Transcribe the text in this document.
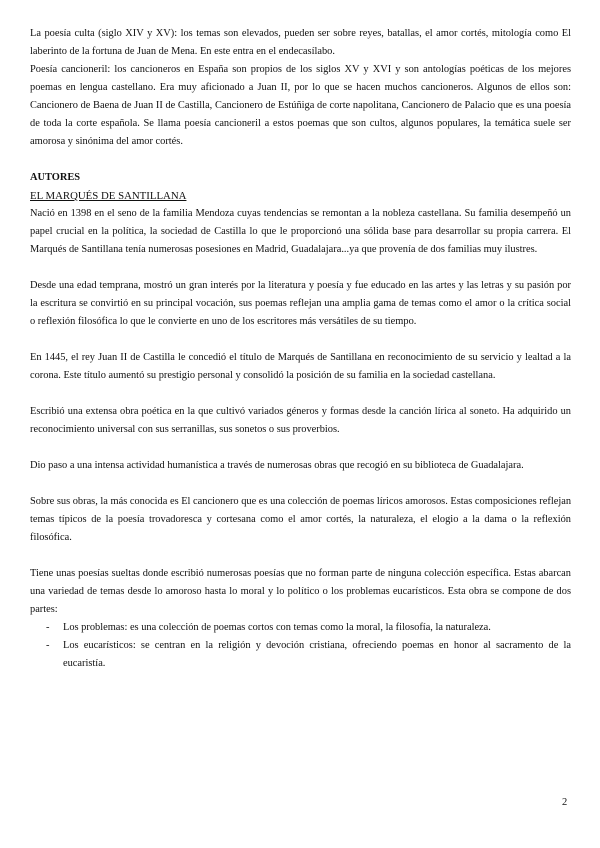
La poesía culta (siglo XIV y XV): los temas son elevados, pueden ser sobre reyes, batallas, el amor cortés, mitología como El laberinto de la fortuna de Juan de Mena. En este entra en el endecasílabo.

Poesía cancioneril: los cancioneros en España son propios de los siglos XV y XVI y son antologías poéticas de los mejores poemas en lengua castellano. Era muy aficionado a Juan II, por lo que se hacen muchos cancioneros. Algunos de ellos son: Cancionero de Baena de Juan II de Castilla, Cancionero de Estúñiga de corte napolitana, Cancionero de Palacio que es una poesía de toda la corte española. Se llama poesía cancioneril a estos poemas que son cultos, algunos populares, la temática suele ser amorosa y sinónima del amor cortés.

AUTORES
EL MARQUÉS DE SANTILLANA

Nació en 1398 en el seno de la familia Mendoza cuyas tendencias se remontan a la nobleza castellana. Su familia desempeñó un papel crucial en la política, la sociedad de Castilla lo que le proporcionó una sólida base para desarrollar su propia carrera. El Marqués de Santillana tenía numerosas posesiones en Madrid, Guadalajara...ya que provenía de dos familias muy ilustres.

Desde una edad temprana, mostró un gran interés por la literatura y poesía y fue educado en las artes y las letras y su pasión por la escritura se convirtió en su principal vocación, sus poemas reflejan una amplia gama de temas como el amor o la crítica social o reflexión filosófica lo que le convierte en uno de los escritores más versátiles de su tiempo.

En 1445, el rey Juan II de Castilla le concedió el título de Marqués de Santillana en reconocimiento de su servicio y lealtad a la corona. Este título aumentó su prestigio personal y consolidó la posición de su familia en la sociedad castellana.

Escribió una extensa obra poética en la que cultivó variados géneros y formas desde la canción lírica al soneto. Ha adquirido un reconocimiento universal con sus serranillas, sus sonetos o sus proverbios.

Dio paso a una intensa actividad humanística a través de numerosas obras que recogió en su biblioteca de Guadalajara.

Sobre sus obras, la más conocida es El cancionero que es una colección de poemas líricos amorosos. Estas composiciones reflejan temas típicos de la poesía trovadoresca y cortesana como el amor cortés, la naturaleza, el elogio a la dama o la reflexión filosófica.

Tiene unas poesías sueltas donde escribió numerosas poesías que no forman parte de ninguna colección específica. Estas abarcan una variedad de temas desde lo amoroso hasta lo moral y lo político o los problemas eucarísticos. Esta obra se compone de dos partes:

- Los problemas: es una colección de poemas cortos con temas como la moral, la filosofía, la naturaleza.
- Los eucarísticos: se centran en la religión y devoción cristiana, ofreciendo poemas en honor al sacramento de la eucaristía.
2
